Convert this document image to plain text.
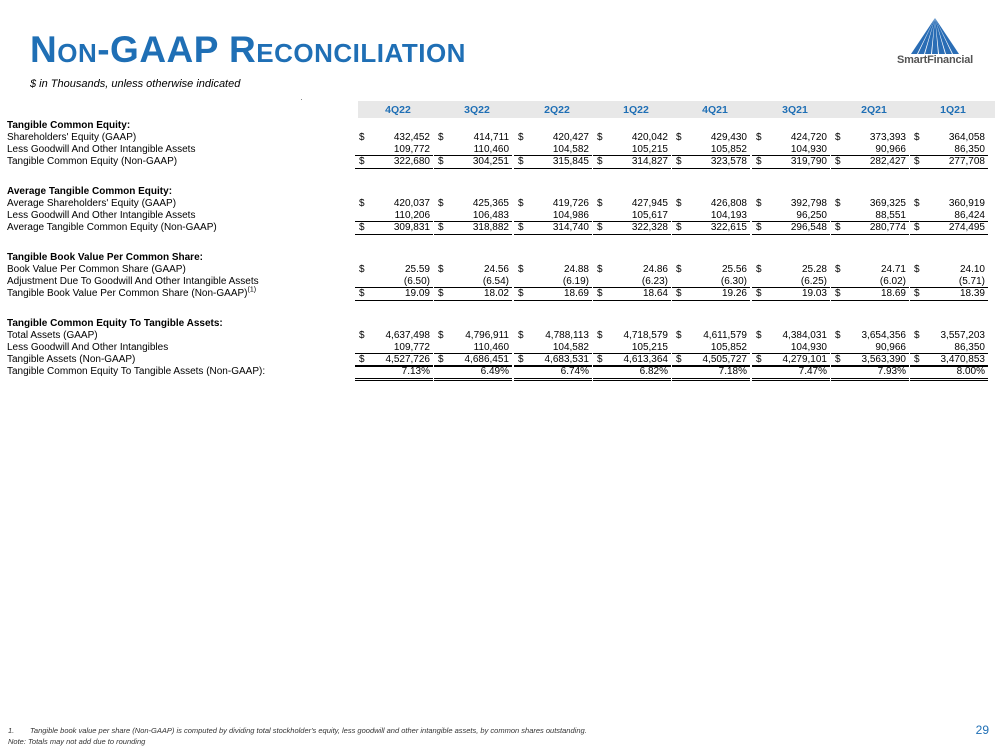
Non-GAAP Reconciliation
$ in Thousands, unless otherwise indicated
SmartFinancial
4Q22	3Q22	2Q22	1Q22	4Q21	3Q21	2Q21	1Q21
Tangible Common Equity:
Shareholders' Equity (GAAP)	$	432,452 $	414,711 $	420,427 $	420,042 $	429,430 $	424,720 $	373,393 $	364,058
Less Goodwill And Other Intangible Assets	109,772	110,460	104,582	105,215	105,852	104,930	90,966	86,350
Tangible Common Equity (Non-GAAP)	$	322,680 $	304,251 $	315,845 $	314,827 $	323,578 $	319,790 $	282,427 $	277,708
Average Tangible Common Equity:
Average Shareholders' Equity (GAAP)	$	420,037 $	425,365 $	419,726 $	427,945 $	426,808 $	392,798 $	369,325 $	360,919
Less Goodwill And Other Intangible Assets	110,206	106,483	104,986	105,617	104,193	96,250	88,551	86,424
Average Tangible Common Equity (Non-GAAP)	$	309,831 $	318,882 $	314,740 $	322,328 $	322,615 $	296,548 $	280,774 $	274,495
Tangible Book Value Per Common Share:
Book Value Per Common Share (GAAP)	$	25.59 $	24.56 $	24.88 $	24.86 $	25.56 $	25.28 $	24.71 $	24.10
Adjustment Due To Goodwill And Other Intangible Assets	(6.50)	(6.54)	(6.19)	(6.23)	(6.30)	(6.25)	(6.02)	(5.71)
Tangible Book Value Per Common Share (Non-GAAP)$^{(1)}$	$	19.09 $	18.02 $	18.69 $	18.64 $	19.26 $	19.03 $	18.69 $	18.39
Tangible Common Equity To Tangible Assets:
Total Assets (GAAP)	$ 4,637,498 $ 4,796,911 $ 4,788,113 $ 4,718,579 $ 4,611,579 $ 4,384,031 $ 3,654,356 $ 3,557,203
Less Goodwill And Other Intangibles	109,772	110,460	104,582	105,215	105,852	104,930	90,966	86,350
Tangible Assets (Non-GAAP)	$ 4,527,726 $ 4,686,451 $ 4,683,531 $ 4,613,364 $ 4,505,727 $ 4,279,101 $ 3,563,390 $ 3,470,853
Tangible Common Equity To Tangible Assets (Non-GAAP):	7.13%	6.49%	6.74%	6.82%	7.18%	7.47%	7.93%	8.00%
1. Tangible book value per share (Non-GAAP) is computed by dividing total stockholder's equity, less goodwill and other intangible assets, by common shares outstanding.
Note: Totals may not add due to rounding
29
